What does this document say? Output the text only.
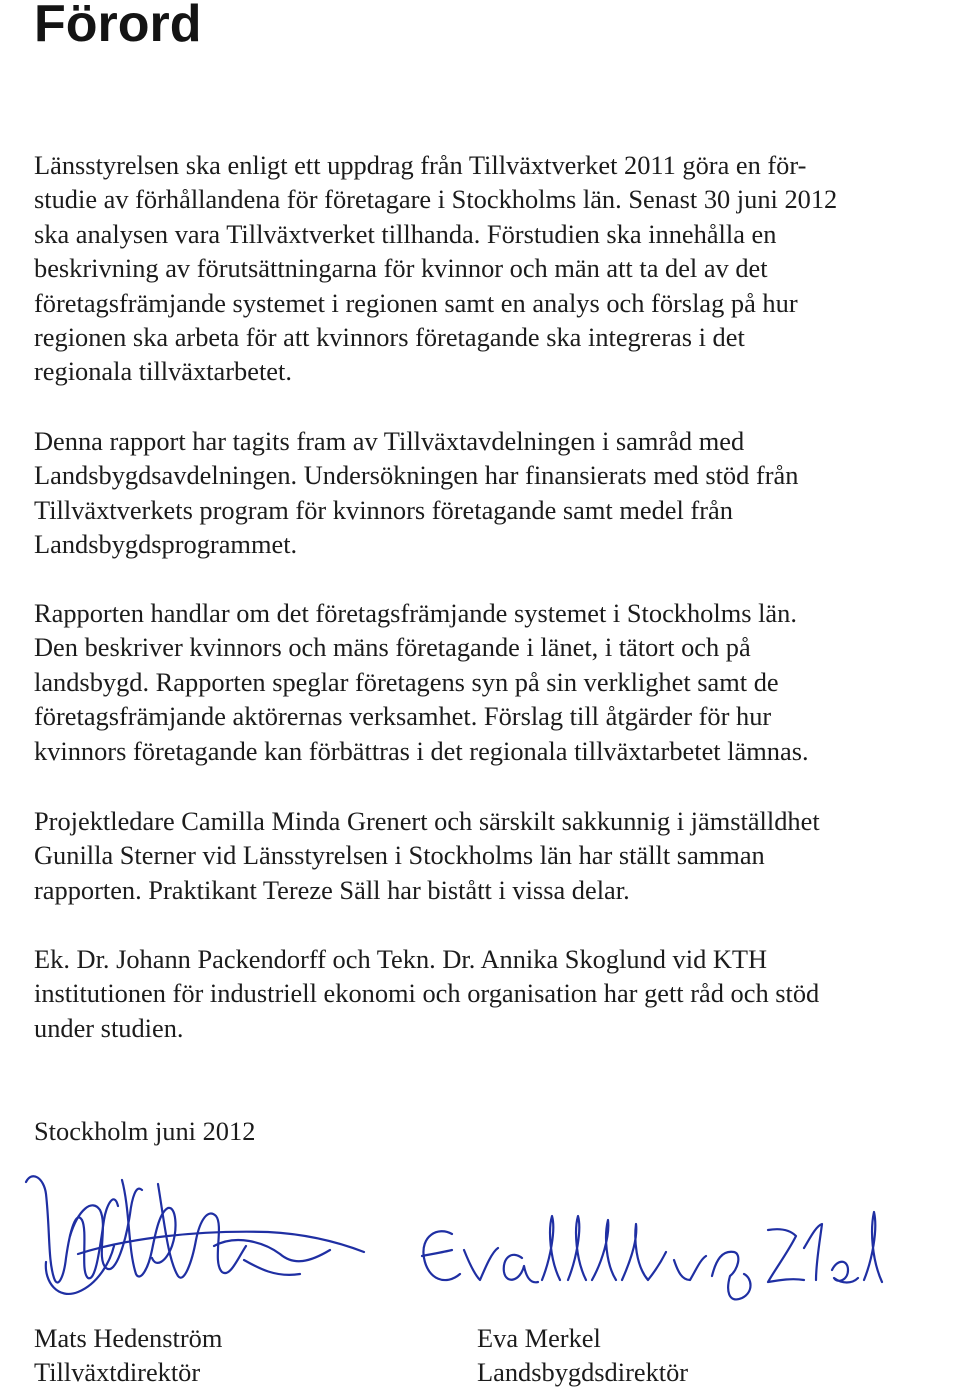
Förord

Länsstyrelsen ska enligt ett uppdrag från Tillväxtverket 2011 göra en för-
studie av förhållandena för företagare i Stockholms län. Senast 30 juni 2012
ska analysen vara Tillväxtverket tillhanda. Förstudien ska innehålla en
beskrivning av förutsättningarna för kvinnor och män att ta del av det
företagsfrämjande systemet i regionen samt en analys och förslag på hur
regionen ska arbeta för att kvinnors företagande ska integreras i det
regionala tillväxtarbetet.

Denna rapport har tagits fram av Tillväxtavdelningen i samråd med
Landsbygdsavdelningen. Undersökningen har finansierats med stöd från
Tillväxtverkets program för kvinnors företagande samt medel från
Landsbygdsprogrammet.

Rapporten handlar om det företagsfrämjande systemet i Stockholms län.
Den beskriver kvinnors och mäns företagande i länet, i tätort och på
landsbygd. Rapporten speglar företagens syn på sin verklighet samt de
företagsfrämjande aktörernas verksamhet. Förslag till åtgärder för hur
kvinnors företagande kan förbättras i det regionala tillväxtarbetet lämnas.

Projektledare Camilla Minda Grenert och särskilt sakkunnig i jämställdhet
Gunilla Sterner vid Länsstyrelsen i Stockholms län har ställt samman
rapporten. Praktikant Tereze Säll har bistått i vissa delar.

Ek. Dr. Johann Packendorff och Tekn. Dr. Annika Skoglund vid KTH
institutionen för industriell ekonomi och organisation har gett råd och stöd
under studien.

Stockholm juni 2012
Mats Hedenström
Tillväxtdirektör
Eva Merkel
Landsbygdsdirektör
